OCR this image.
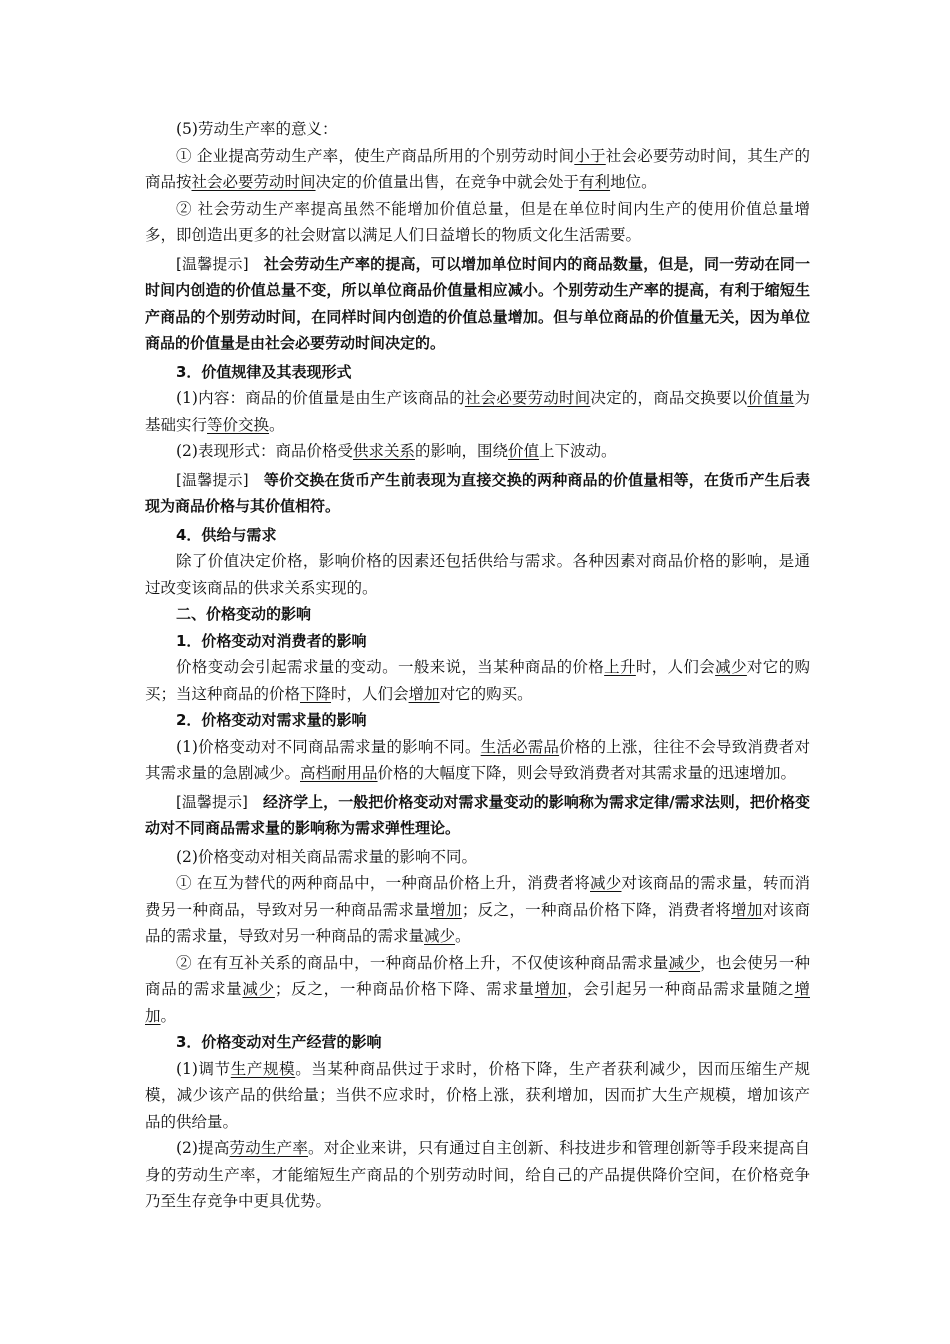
(5)劳动生产率的意义：

① 企业提高劳动生产率，使生产商品所用的个别劳动时间小于社会必要劳动时间，其生产的商品按社会必要劳动时间决定的价值量出售，在竞争中就会处于有利地位。

② 社会劳动生产率提高虽然不能增加价值总量，但是在单位时间内生产的使用价值总量增多，即创造出更多的社会财富以满足人们日益增长的物质文化生活需要。

[温馨提示]　社会劳动生产率的提高，可以增加单位时间内的商品数量，但是，同一劳动在同一时间内创造的价值总量不变，所以单位商品价值量相应减小。个别劳动生产率的提高，有利于缩短生产商品的个别劳动时间，在同样时间内创造的价值总量增加。但与单位商品的价值量无关，因为单位商品的价值量是由社会必要劳动时间决定的。

3．价值规律及其表现形式

(1)内容：商品的价值量是由生产该商品的社会必要劳动时间决定的，商品交换要以价值量为基础实行等价交换。

(2)表现形式：商品价格受供求关系的影响，围绕价值上下波动。

[温馨提示]　等价交换在货币产生前表现为直接交换的两种商品的价值量相等，在货币产生后表现为商品价格与其价值相符。

4．供给与需求

除了价值决定价格，影响价格的因素还包括供给与需求。各种因素对商品价格的影响，是通过改变该商品的供求关系实现的。

二、价格变动的影响

1．价格变动对消费者的影响

价格变动会引起需求量的变动。一般来说，当某种商品的价格上升时，人们会减少对它的购买；当这种商品的价格下降时，人们会增加对它的购买。

2．价格变动对需求量的影响

(1)价格变动对不同商品需求量的影响不同。生活必需品价格的上涨，往往不会导致消费者对其需求量的急剧减少。高档耐用品价格的大幅度下降，则会导致消费者对其需求量的迅速增加。

[温馨提示]　经济学上，一般把价格变动对需求量变动的影响称为需求定律/需求法则，把价格变动对不同商品需求量的影响称为需求弹性理论。

(2)价格变动对相关商品需求量的影响不同。

① 在互为替代的两种商品中，一种商品价格上升，消费者将减少对该商品的需求量，转而消费另一种商品，导致对另一种商品需求量增加；反之，一种商品价格下降，消费者将增加对该商品的需求量，导致对另一种商品的需求量减少。

② 在有互补关系的商品中，一种商品价格上升，不仅使该种商品需求量减少，也会使另一种商品的需求量减少；反之，一种商品价格下降、需求量增加，会引起另一种商品需求量随之增加。

3．价格变动对生产经营的影响

(1)调节生产规模。当某种商品供过于求时，价格下降，生产者获利减少，因而压缩生产规模，减少该产品的供给量；当供不应求时，价格上涨，获利增加，因而扩大生产规模，增加该产品的供给量。

(2)提高劳动生产率。对企业来讲，只有通过自主创新、科技进步和管理创新等手段来提高自身的劳动生产率，才能缩短生产商品的个别劳动时间，给自己的产品提供降价空间，在价格竞争乃至生存竞争中更具优势。
